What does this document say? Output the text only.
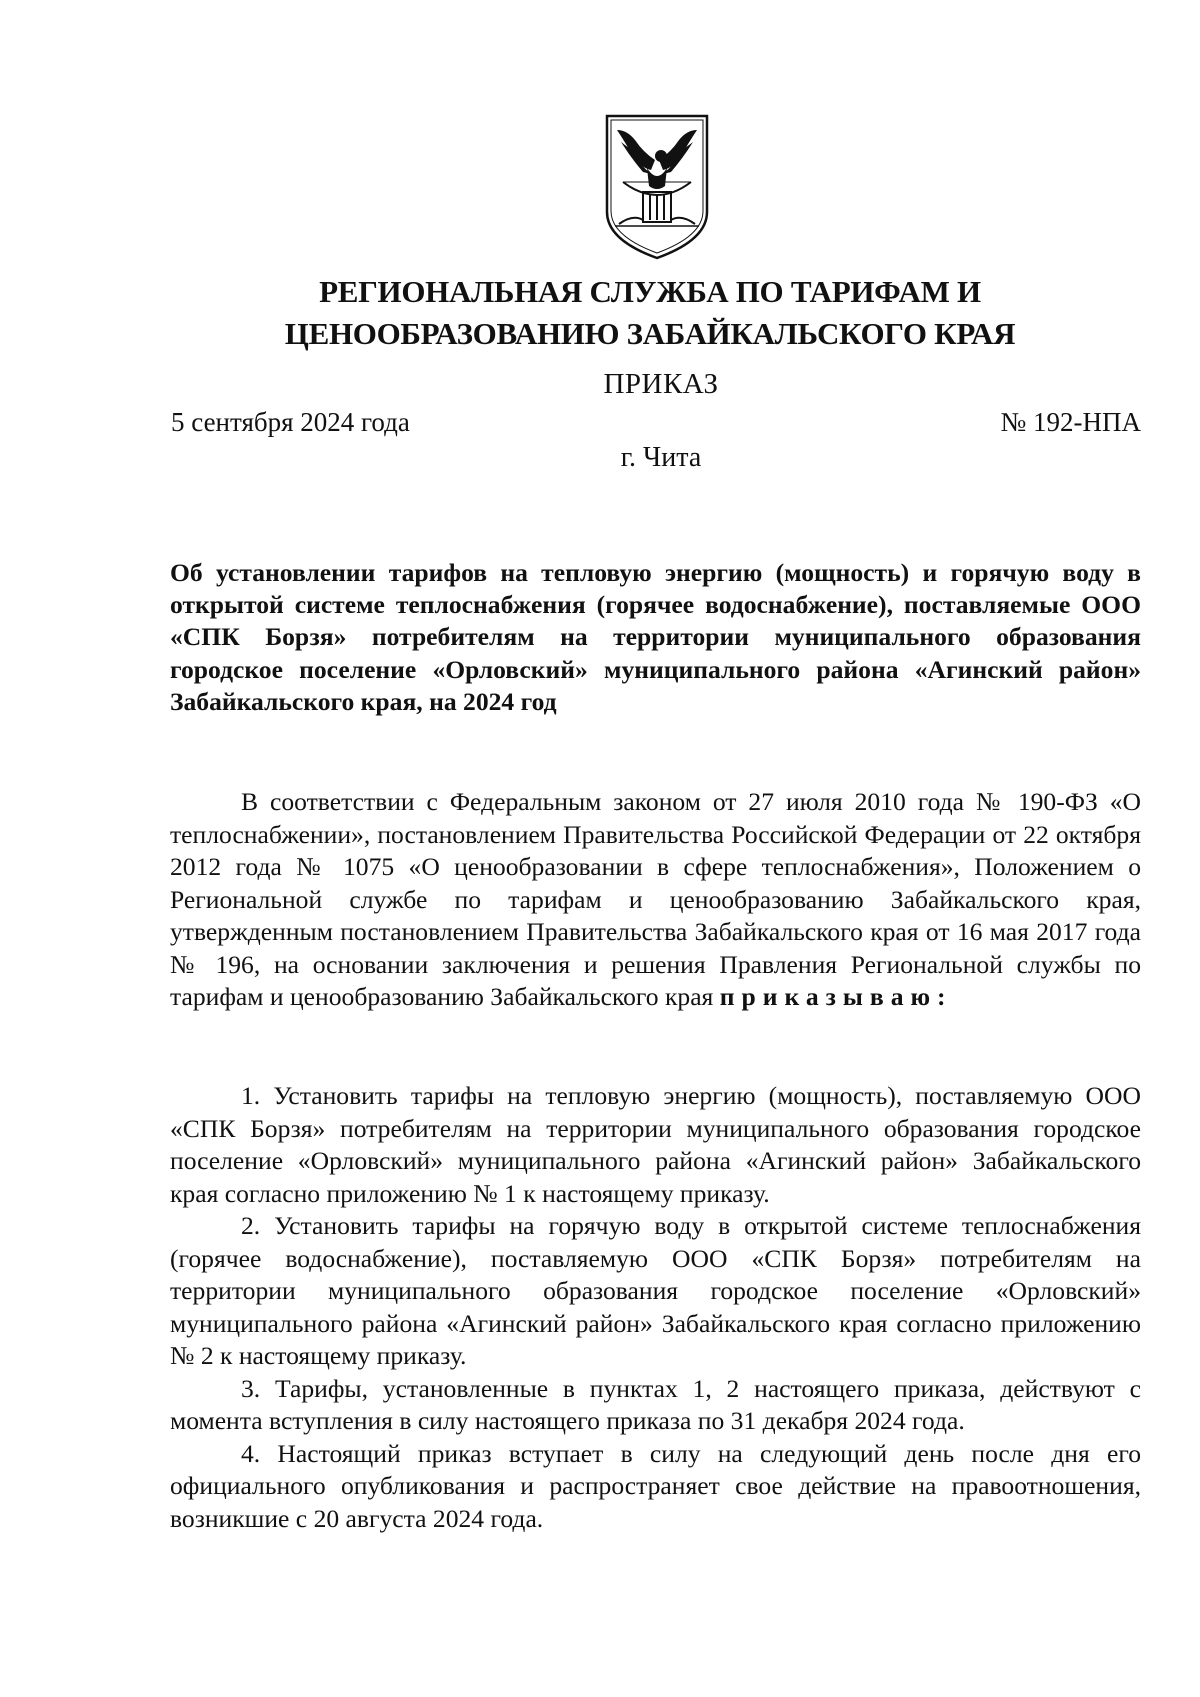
РЕГИОНАЛЬНАЯ СЛУЖБА ПО ТАРИФАМ И
ЦЕНООБРАЗОВАНИЮ ЗАБАЙКАЛЬСКОГО КРАЯ
ПРИКАЗ
5 сентября 2024 года	№ 192-НПА
г. Чита
Об установлении тарифов на тепловую энергию (мощность) и горячую воду в открытой системе теплоснабжения (горячее водоснабжение), поставляемые ООО «СПК Борзя» потребителям на территории муниципального образования городское поселение «Орловский» муниципального района «Агинский район» Забайкальского края, на 2024 год

В соответствии с Федеральным законом от 27 июля 2010 года № 190-ФЗ «О теплоснабжении», постановлением Правительства Российской Федерации от 22 октября 2012 года № 1075 «О ценообразовании в сфере теплоснабжения», Положением о Региональной службе по тарифам и ценообразованию Забайкальского края, утвержденным постановлением Правительства Забайкальского края от 16 мая 2017 года № 196, на основании заключения и решения Правления Региональной службы по тарифам и ценообразованию Забайкальского края приказываю:

1. Установить тарифы на тепловую энергию (мощность), поставляемую ООО «СПК Борзя» потребителям на территории муниципального образования городское поселение «Орловский» муниципального района «Агинский район» Забайкальского края согласно приложению № 1 к настоящему приказу.

2. Установить тарифы на горячую воду в открытой системе теплоснабжения (горячее водоснабжение), поставляемую ООО «СПК Борзя» потребителям на территории муниципального образования городское поселение «Орловский» муниципального района «Агинский район» Забайкальского края согласно приложению № 2 к настоящему приказу.

3. Тарифы, установленные в пунктах 1, 2 настоящего приказа, действуют с момента вступления в силу настоящего приказа по 31 декабря 2024 года.

4. Настоящий приказ вступает в силу на следующий день после дня его официального опубликования и распространяет свое действие на правоотношения, возникшие с 20 августа 2024 года.
